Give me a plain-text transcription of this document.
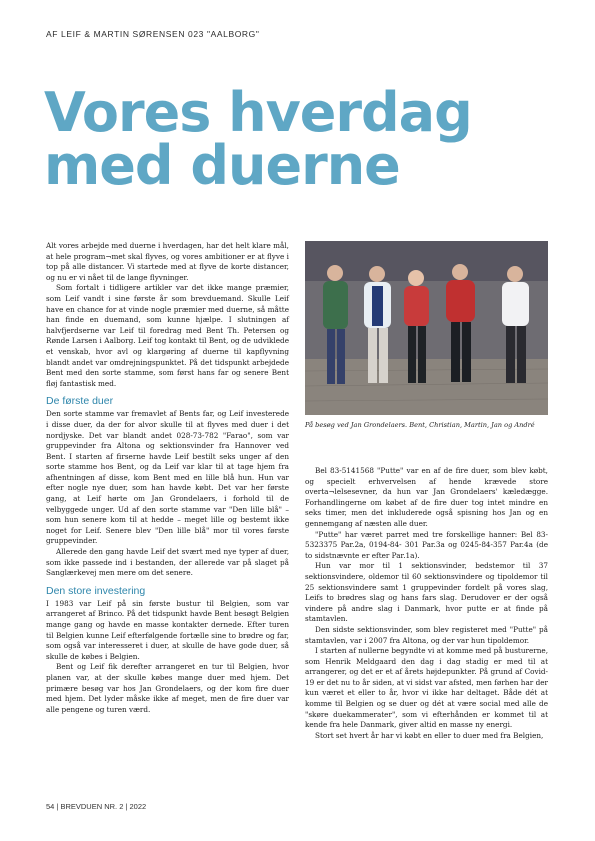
AF LEIF & MARTIN SØRENSEN 023 "AALBORG"
Vores hverdag
med duerne

Alt vores arbejde med duerne i hverdagen, har det helt klare mål, at hele program¬met skal flyves, og vores ambitioner er at flyve i top på alle distancer. Vi startede med at flyve de korte distancer, og nu er vi nået til de lange flyvninger.

Som fortalt i tidligere artikler var det ikke mange præmier, som Leif vandt i sine første år som brevduemand. Skulle Leif have en chance for at vinde nogle præmier med duerne, så måtte han finde en duemand, som kunne hjælpe. I slutningen af halvfjerdserne var Leif til foredrag med Bent Th. Petersen og Rønde Larsen i Aalborg. Leif tog kontakt til Bent, og de udviklede et venskab, hvor avl og klargøring af duerne til kapflyvning blandt andet var omdrejningspunktet. På det tidspunkt arbejdede Bent med den sorte stamme, som først hans far og senere Bent fløj fantastisk med.

De første duer

Den sorte stamme var fremavlet af Bents far, og Leif investerede i disse duer, da der for alvor skulle til at flyves med duer i det nordjyske. Det var blandt andet 028-73-782 "Farao", som var gruppevinder fra Altona og sektionsvinder fra Hannover ved Bent. I starten af firserne havde Leif bestilt seks unger af den sorte stamme hos Bent, og da Leif var klar til at tage hjem fra afhentningen af disse, kom Bent med en lille blå hun. Hun var efter nogle nye duer, som han havde købt. Det var her første gang, at Leif hørte om Jan Grondelaers, i forhold til de velbyggede unger. Ud af den sorte stamme var "Den lille blå" – som hun senere kom til at hedde – meget lille og bestemt ikke noget for Leif. Senere blev "Den lille blå" mor til vores første gruppevinder.

Allerede den gang havde Leif det svært med nye typer af duer, som ikke passede ind i bestanden, der allerede var på slaget på Sanglærkevej men mere om det senere.

Den store investering

I 1983 var Leif på sin første bustur til Belgien, som var arrangeret af Brinco. På det tidspunkt havde Bent besøgt Belgien mange gang og havde en masse kontakter dernede. Efter turen til Belgien kunne Leif efterfølgende fortælle sine to brødre og far, som også var interesseret i duer, at skulle de have gode duer, så skulle de købes i Belgien.

Bent og Leif fik derefter arrangeret en tur til Belgien, hvor planen var, at der skulle købes mange duer med hjem. Det primære besøg var hos Jan Grondelaers, og der kom fire duer med hjem. Det lyder måske ikke af meget, men de fire duer var alle pengene og turen værd.

På besøg ved Jan Grondelaers. Bent, Christian, Martin, Jan og André

Bel 83-5141568 "Putte" var en af de fire duer, som blev købt, og specielt erhvervelsen af hende krævede store overta¬lelsesevner, da hun var Jan Grondelaers' kæledægge. Forhandlingerne om købet af de fire duer tog intet mindre en seks timer, men det inkluderede også spisning hos Jan og en gennemgang af næsten alle duer.

"Putte" har været parret med tre forskellige hanner: Bel 83-5323375 Par.2a, 0194-84- 301 Par.3a og 0245-84-357 Par.4a (de to sidstnævnte er efter Par.1a).

Hun var mor til 1 sektionsvinder, bedstemor til 37 sektionsvindere, oldemor til 60 sektionsvindere og tipoldemor til 25 sektionsvindere samt 1 gruppevinder fordelt på vores slag, Leifs to brødres slag og hans fars slag. Derudover er der også vindere på andre slag i Danmark, hvor putte er at finde på stamtavlen.

Den sidste sektionsvinder, som blev registeret med "Putte" på stamtavlen, var i 2007 fra Altona, og der var hun tipoldemor.

I starten af nullerne begyndte vi at komme med på busturerne, som Henrik Meldgaard den dag i dag stadig er med til at arrangerer, og det er et af årets højdepunkter. På grund af Covid-19 er det nu to år siden, at vi sidst var afsted, men førhen har der kun været et eller to år, hvor vi ikke har deltaget. Både dét at komme til Belgien og se duer og dét at være social med alle de "skøre duekammerater", som vi efterhånden er kommet til at kende fra hele Danmark, giver altid en masse ny energi.

Stort set hvert år har vi købt en eller to duer med fra Belgien,

54 | BREVDUEN NR. 2 | 2022
